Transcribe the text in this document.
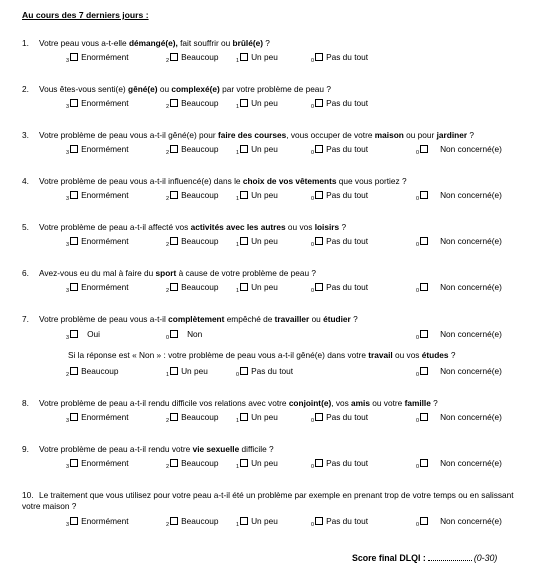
Au cours des 7 derniers jours :
1. Votre peau vous a-t-elle démangé(e), fait souffrir ou brûlé(e) ?
$_3$ Enormément	$_2$ Beaucoup	$_1$ Un peu	$_0$ Pas du tout
2. Vous êtes-vous senti(e) gêné(e) ou complexé(e) par votre problème de peau ?
$_3$ Enormément	$_2$ Beaucoup	$_1$ Un peu	$_0$ Pas du tout
3. Votre problème de peau vous a-t-il gêné(e) pour faire des courses, vous occuper de votre maison ou pour jardiner ?
$_3$ Enormément	$_2$ Beaucoup	$_1$ Un peu	$_0$ Pas du tout	$_0$	Non concerné(e)
4. Votre problème de peau vous a-t-il influencé(e) dans le choix de vos vêtements que vous portiez ?
$_3$ Enormément	$_2$ Beaucoup	$_1$ Un peu	$_0$ Pas du tout	$_0$	Non concerné(e)
5. Votre problème de peau a-t-il affecté vos activités avec les autres ou vos loisirs ?
$_3$ Enormément	$_2$ Beaucoup	$_1$ Un peu	$_0$ Pas du tout	$_0$	Non concerné(e)
6. Avez-vous eu du mal à faire du sport à cause de votre problème de peau ?
$_3$ Enormément	$_2$ Beaucoup	$_1$ Un peu	$_0$ Pas du tout	$_0$	Non concerné(e)
7. Votre problème de peau vous a-t-il complètement empêché de travailler ou étudier ?
$_3$ Oui	$_0$ Non	$_0$	Non concerné(e)
Si la réponse est « Non » : votre problème de peau vous a-t-il gêné(e) dans votre travail ou vos études ?
$_2$ Beaucoup	$_1$ Un peu	$_0$ Pas du tout	$_0$	Non concerné(e)
8. Votre problème de peau a-t-il rendu difficile vos relations avec votre conjoint(e), vos amis ou votre famille ?
$_3$ Enormément	$_2$ Beaucoup	$_1$ Un peu	$_0$ Pas du tout	$_0$	Non concerné(e)
9. Votre problème de peau a-t-il rendu votre vie sexuelle difficile ?
$_3$ Enormément	$_2$ Beaucoup	$_1$ Un peu	$_0$ Pas du tout	$_0$	Non concerné(e)
10. Le traitement que vous utilisez pour votre peau a-t-il été un problème par exemple en prenant trop de votre temps ou en salissant votre maison ?
$_3$ Enormément	$_2$ Beaucoup	$_1$ Un peu	$_0$ Pas du tout	$_0$	Non concerné(e)
Score final DLQI :	(0-30)
